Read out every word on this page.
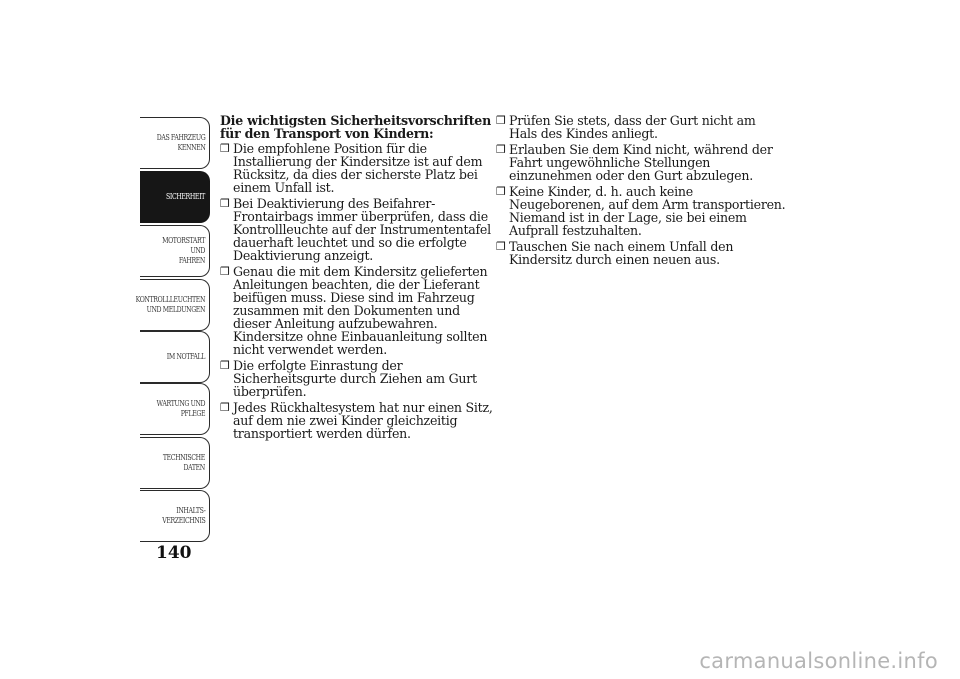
DAS FAHRZEUG
KENNEN
SICHERHEIT
MOTORSTART UND
FAHREN
KONTROLLLEUCHTEN
UND MELDUNGEN
IM NOTFALL
WARTUNG UND
PFLEGE
TECHNISCHE
DATEN
INHALTS-
VERZEICHNIS
140
Die wichtigsten Sicherheitsvorschriften für den Transport von Kindern:
❒ Die empfohlene Position für die Installierung der Kindersitze ist auf dem Rücksitz, da dies der sicherste Platz bei einem Unfall ist.
❒ Bei Deaktivierung des Beifahrer-Frontairbags immer überprüfen, dass die Kontrollleuchte auf der Instrumententafel dauerhaft leuchtet und so die erfolgte Deaktivierung anzeigt.
❒ Genau die mit dem Kindersitz gelieferten Anleitungen beachten, die der Lieferant beifügen muss. Diese sind im Fahrzeug zusammen mit den Dokumenten und dieser Anleitung aufzubewahren. Kindersitze ohne Einbauanleitung sollten nicht verwendet werden.
❒ Die erfolgte Einrastung der Sicherheitsgurte durch Ziehen am Gurt überprüfen.
❒ Jedes Rückhaltesystem hat nur einen Sitz, auf dem nie zwei Kinder gleichzeitig transportiert werden dürfen.
❒ Prüfen Sie stets, dass der Gurt nicht am Hals des Kindes anliegt.
❒ Erlauben Sie dem Kind nicht, während der Fahrt ungewöhnliche Stellungen einzunehmen oder den Gurt abzulegen.
❒ Keine Kinder, d. h. auch keine Neugeborenen, auf dem Arm transportieren. Niemand ist in der Lage, sie bei einem Aufprall festzuhalten.
❒ Tauschen Sie nach einem Unfall den Kindersitz durch einen neuen aus.
carmanualsonline.info
